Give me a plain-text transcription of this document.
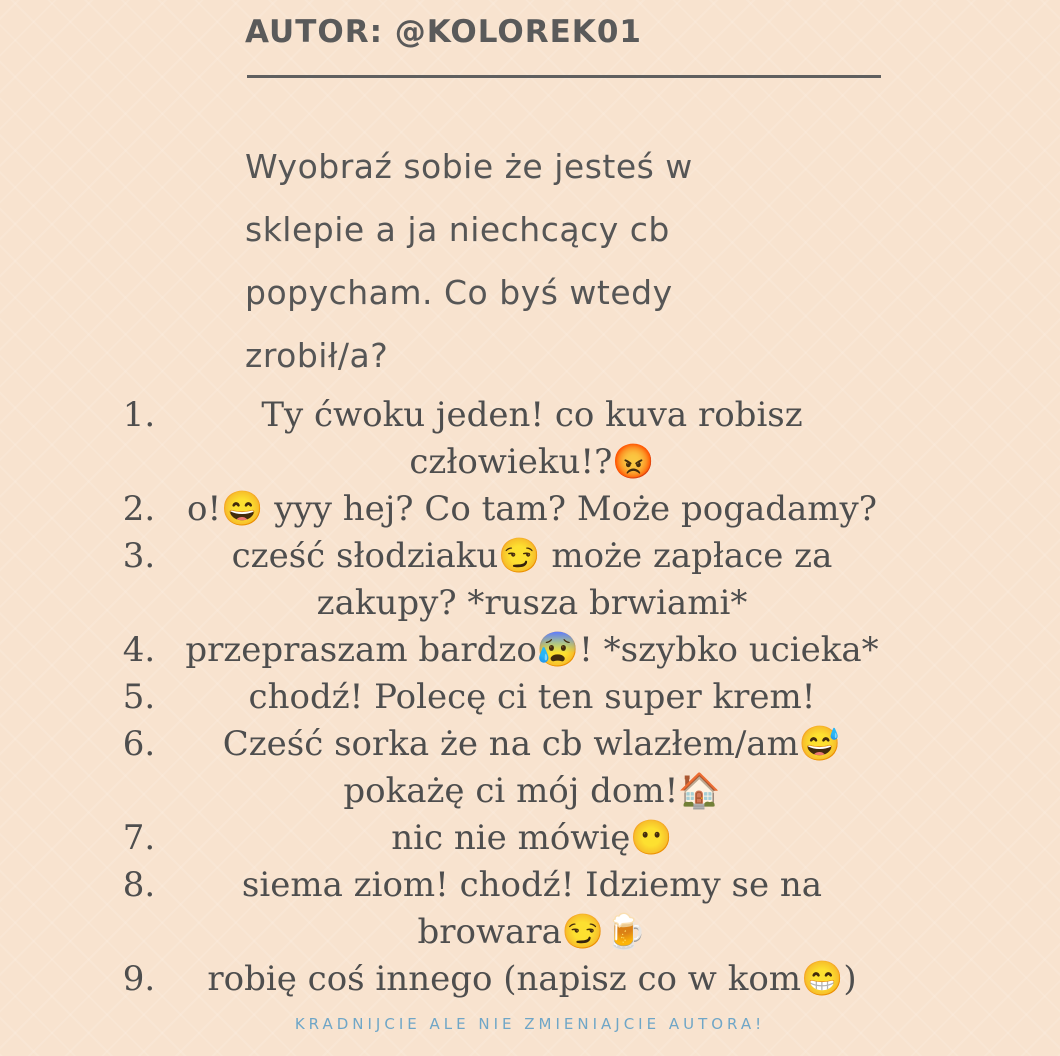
AUTOR: @KOLOREK01

Wyobraź sobie że jesteś w sklepie a ja niechcący cb popycham. Co byś wtedy zrobił/a?

1.	Ty ćwoku jeden! co kuva robisz człowieku!?😡
2. o!😄 yyy hej? Co tam? Może pogadamy?
3.	cześć słodziaku😏 może zapłace za zakupy? *rusza brwiami*
4. przepraszam bardzo😰! *szybko ucieka*
5.	chodź! Polecę ci ten super krem!
6.	Cześć sorka że na cb wlazłem/am😅 pokażę ci mój dom!🏠
7.	nic nie mówię😶
8.	siema ziom! chodź! Idziemy se na browara😏🍺
9.	robię coś innego (napisz co w kom😁)
KRADNIJCIE ALE NIE ZMIENIAJCIE AUTORA!
